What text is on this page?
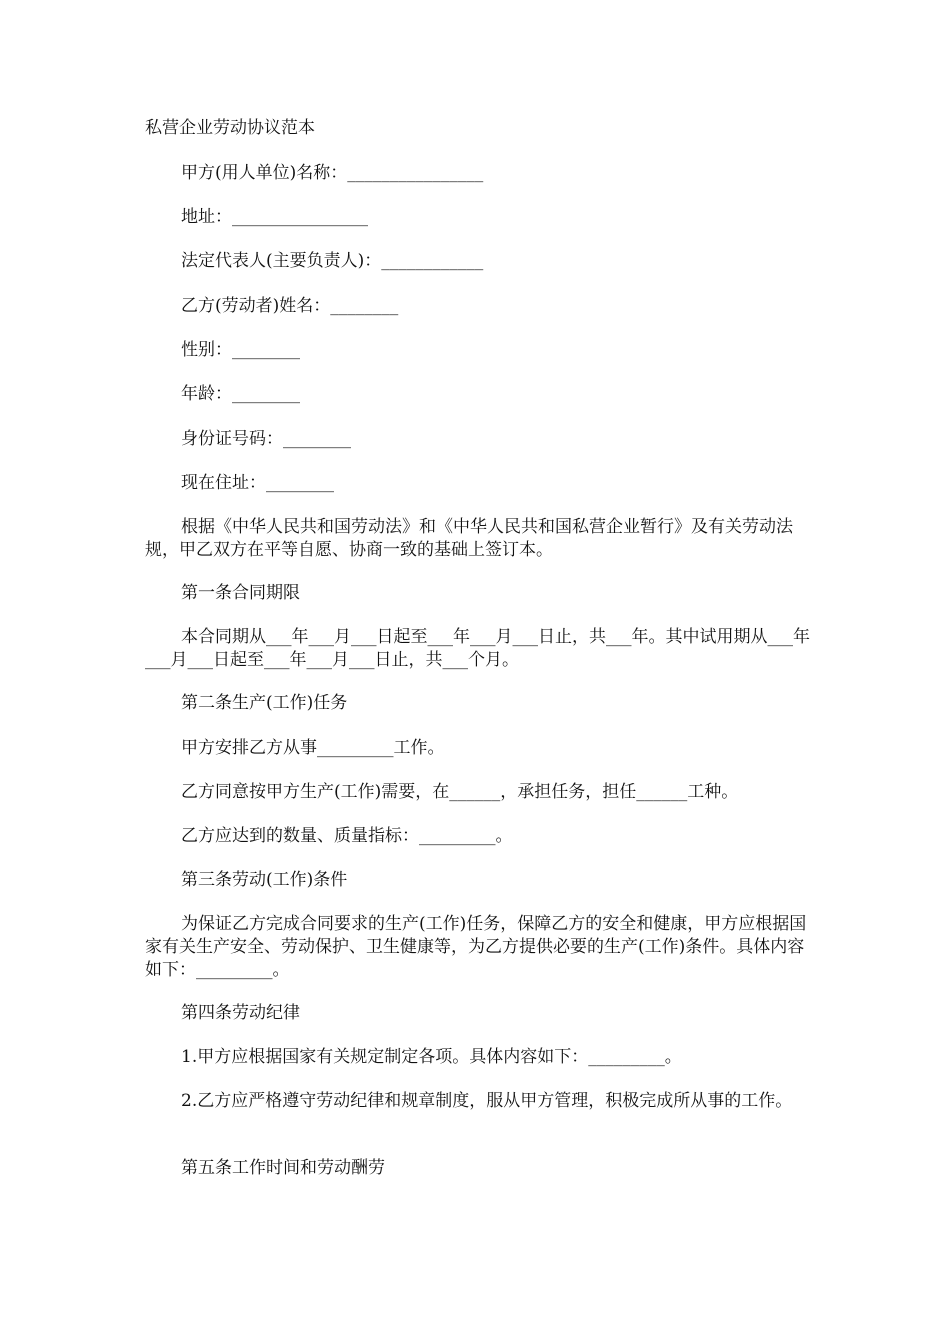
私营企业劳动协议范本

甲方(用人单位)名称：________________

地址：________________

法定代表人(主要负责人)：____________

乙方(劳动者)姓名：________

性别：________

年龄：________

身份证号码：________

现在住址：________

根据《中华人民共和国劳动法》和《中华人民共和国私营企业暂行》及有关劳动法规，甲乙双方在平等自愿、协商一致的基础上签订本。

第一条合同期限

本合同期从___年___月___日起至___年___月___日止，共___年。其中试用期从___年___月___日起至___年___月___日止，共___个月。

第二条生产(工作)任务

甲方安排乙方从事_________工作。

乙方同意按甲方生产(工作)需要，在______，承担任务，担任______工种。

乙方应达到的数量、质量指标：_________。

第三条劳动(工作)条件

为保证乙方完成合同要求的生产(工作)任务，保障乙方的安全和健康，甲方应根据国家有关生产安全、劳动保护、卫生健康等，为乙方提供必要的生产(工作)条件。具体内容如下：_________。

第四条劳动纪律

1.甲方应根据国家有关规定制定各项。具体内容如下：_________。

2.乙方应严格遵守劳动纪律和规章制度，服从甲方管理，积极完成所从事的工作。

第五条工作时间和劳动酬劳
